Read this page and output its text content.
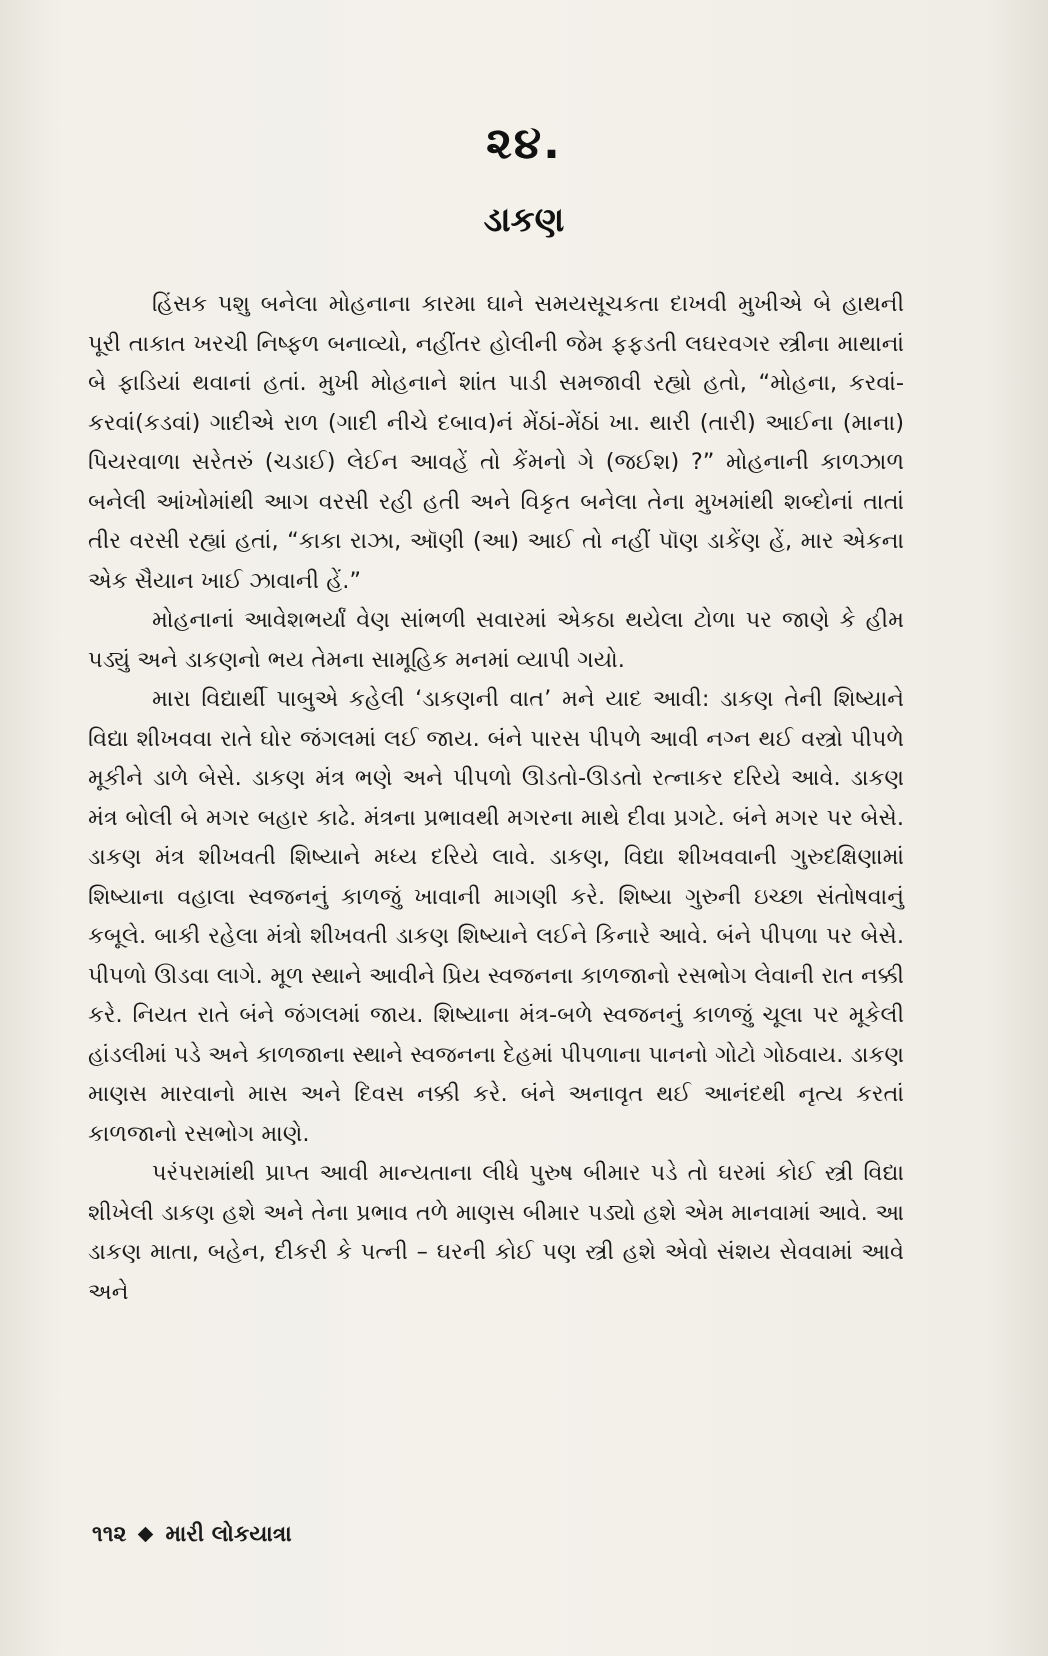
૨૪.
ડાકણ

હિંસક પશુ બનેલા મોહનાના કારમા ઘાને સમયસૂચકતા દાખવી મુખીએ બે હાથની પૂરી તાકાત ખરચી નિષ્ફળ બનાવ્યો, નહીંતર હોલીની જેમ ફફડતી લઘરવગર સ્ત્રીના માથાનાં બે ફાડિયાં થવાનાં હતાં. મુખી મોહનાને શાંત પાડી સમજાવી રહ્યો હતો, “મોહના, કરવાં-કરવાં(કડવાં) ગાદીએ રાળ (ગાદી નીચે દબાવ)નં મેંઠાં-મેંઠાં ખા. થારી (તારી) આઈના (માના) પિયરવાળા સરેતરું (ચડાઈ) લેઈન આવહેં તો કેંમનો ગે (જઈશ) ?” મોહનાની કાળઝાળ બનેલી આંખોમાંથી આગ વરસી રહી હતી અને વિકૃત બનેલા તેના મુખમાંથી શબ્દોનાં તાતાં તીર વરસી રહ્યાં હતાં, “કાકા રાઝા, ઑણી (આ) આઈ તો નહીં પૉણ ડાકેંણ હેં, માર એકના એક સૈયાન ખાઈ ઝાવાની હેં.”

મોહનાનાં આવેશભર્યાં વેણ સાંભળી સવારમાં એકઠા થયેલા ટોળા પર જાણે કે હીમ પડ્યું અને ડાકણનો ભય તેમના સામૂહિક મનમાં વ્યાપી ગયો.

મારા વિદ્યાર્થી પાબુએ કહેલી ‘ડાકણની વાત’ મને યાદ આવી: ડાકણ તેની શિષ્યાને વિદ્યા શીખવવા રાતે ઘોર જંગલમાં લઈ જાય. બંને પારસ પીપળે આવી નગ્ન થઈ વસ્ત્રો પીપળે મૂકીને ડાળે બેસે. ડાકણ મંત્ર ભણે અને પીપળો ઊડતો-ઊડતો રત્નાકર દરિયે આવે. ડાકણ મંત્ર બોલી બે મગર બહાર કાઢે. મંત્રના પ્રભાવથી મગરના માથે દીવા પ્રગટે. બંને મગર પર બેસે. ડાકણ મંત્ર શીખવતી શિષ્યાને મધ્ય દરિયે લાવે. ડાકણ, વિદ્યા શીખવવાની ગુરુદક્ષિણામાં શિષ્યાના વહાલા સ્વજનનું કાળજું ખાવાની માગણી કરે. શિષ્યા ગુરુની ઇચ્છા સંતોષવાનું કબૂલે. બાકી રહેલા મંત્રો શીખવતી ડાકણ શિષ્યાને લઈને કિનારે આવે. બંને પીપળા પર બેસે. પીપળો ઊડવા લાગે. મૂળ સ્થાને આવીને પ્રિય સ્વજનના કાળજાનો રસભોગ લેવાની રાત નક્કી કરે. નિયત રાતે બંને જંગલમાં જાય. શિષ્યાના મંત્ર-બળે સ્વજનનું કાળજું ચૂલા પર મૂકેલી હાંડલીમાં પડે અને કાળજાના સ્થાને સ્વજનના દેહમાં પીપળાના પાનનો ગોટો ગોઠવાય. ડાકણ માણસ મારવાનો માસ અને દિવસ નક્કી કરે. બંને અનાવૃત થઈ આનંદથી નૃત્ય કરતાં કાળજાનો રસભોગ માણે.

પરંપરામાંથી પ્રાપ્ત આવી માન્યતાના લીધે પુરુષ બીમાર પડે તો ઘરમાં કોઈ સ્ત્રી વિદ્યા શીખેલી ડાકણ હશે અને તેના પ્રભાવ તળે માણસ બીમાર પડ્યો હશે એમ માનવામાં આવે. આ ડાકણ માતા, બહેન, દીકરી કે પત્ની – ઘરની કોઈ પણ સ્ત્રી હશે એવો સંશય સેવવામાં આવે અને

૧૧૨ મારી લોકયાત્રા
